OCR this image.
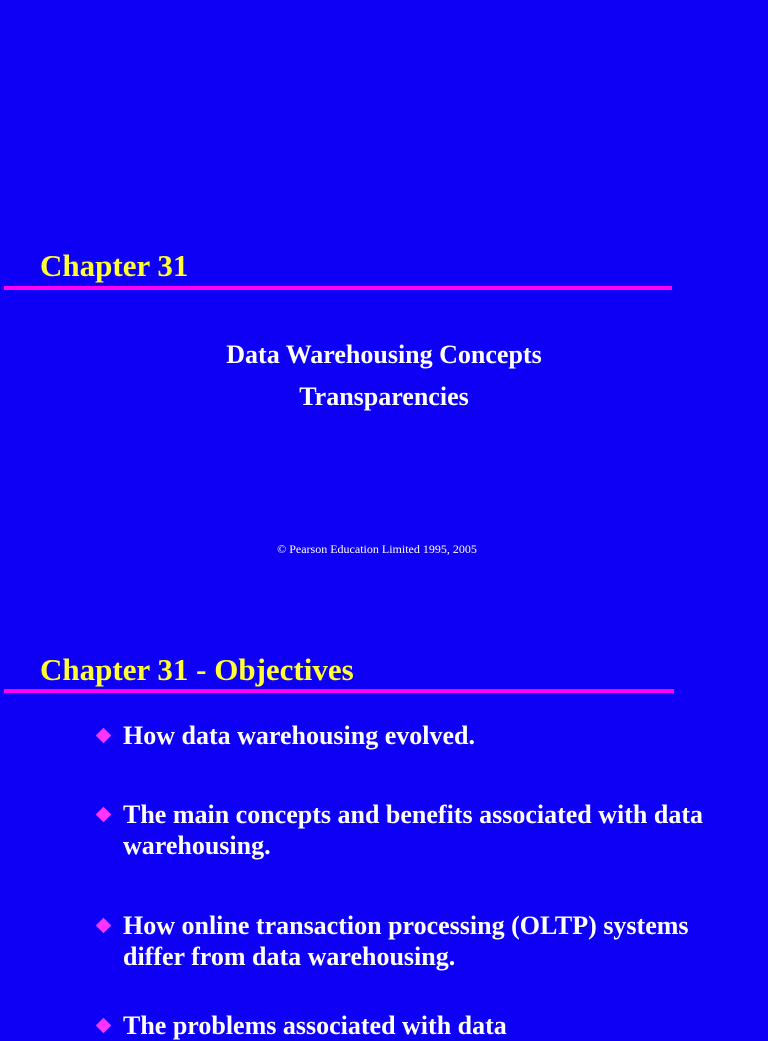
Chapter 31
Data Warehousing Concepts
Transparencies
© Pearson Education Limited 1995, 2005
Chapter 31 - Objectives
How data warehousing evolved.
The main concepts and benefits associated with data warehousing.
How online transaction processing (OLTP) systems differ from data warehousing.
The problems associated with data
